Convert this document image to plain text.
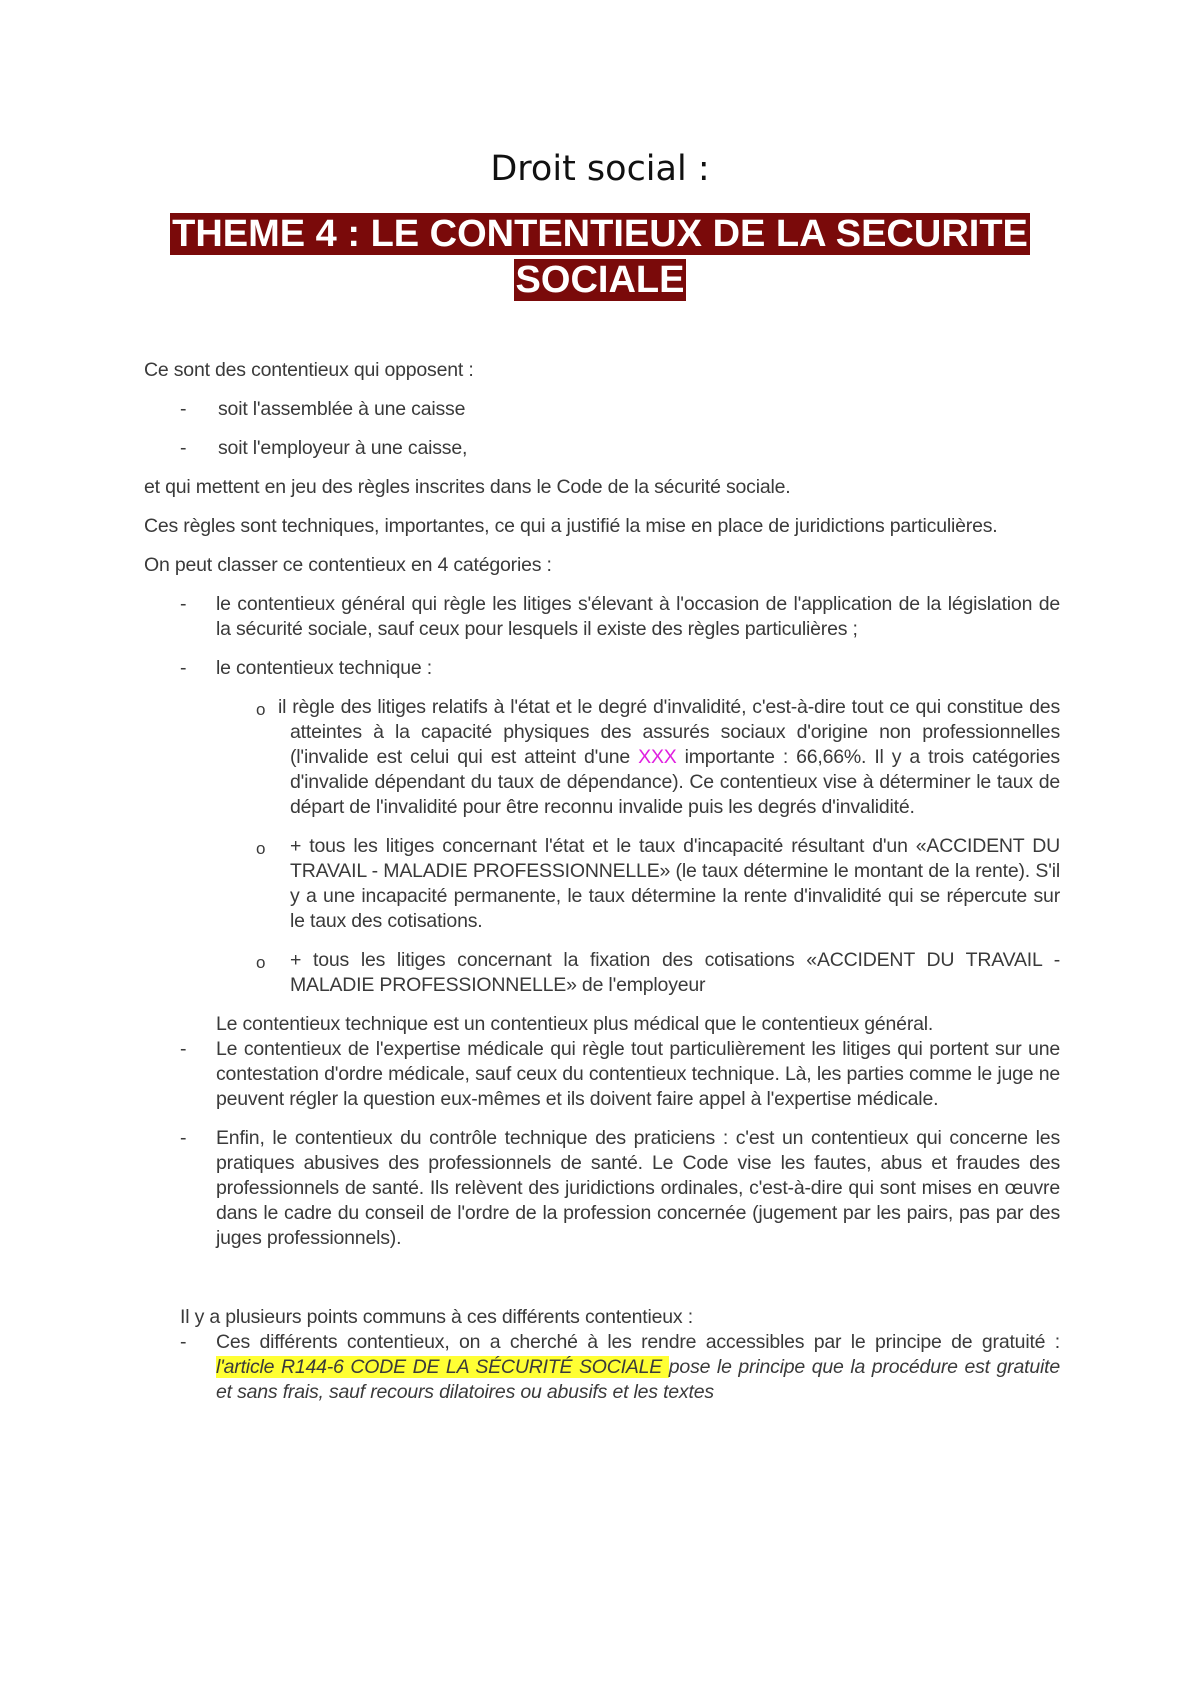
Droit social :
THEME 4 : LE CONTENTIEUX DE LA SECURITE
SOCIALE

Ce sont des contentieux qui opposent :

- soit l'assemblée à une caisse
- soit l'employeur à une caisse,

et qui mettent en jeu des règles inscrites dans le Code de la sécurité sociale.

Ces règles sont techniques, importantes, ce qui a justifié la mise en place de juridictions particulières.

On peut classer ce contentieux en 4 catégories :

- le contentieux général qui règle les litiges s'élevant à l'occasion de l'application de la législation de la sécurité sociale, sauf ceux pour lesquels il existe des règles particulières ;
- le contentieux technique :
o il règle des litiges relatifs à l'état et le degré d'invalidité, c'est-à-dire tout ce qui constitue des atteintes à la capacité physiques des assurés sociaux d'origine non professionnelles (l'invalide est celui qui est atteint d'une XXX importante : 66,66%. Il y a trois catégories d'invalide dépendant du taux de dépendance). Ce contentieux vise à déterminer le taux de départ de l'invalidité pour être reconnu invalide puis les degrés d'invalidité.
o + tous les litiges concernant l'état et le taux d'incapacité résultant d'un «ACCIDENT DU TRAVAIL - MALADIE PROFESSIONNELLE» (le taux détermine le montant de la rente). S'il y a une incapacité permanente, le taux détermine la rente d'invalidité qui se répercute sur le taux des cotisations.
o + tous les litiges concernant la fixation des cotisations «ACCIDENT DU TRAVAIL - MALADIE PROFESSIONNELLE» de l'employeur

Le contentieux technique est un contentieux plus médical que le contentieux général.

- Le contentieux de l'expertise médicale qui règle tout particulièrement les litiges qui portent sur une contestation d'ordre médicale, sauf ceux du contentieux technique. Là, les parties comme le juge ne peuvent régler la question eux-mêmes et ils doivent faire appel à l'expertise médicale.
- Enfin, le contentieux du contrôle technique des praticiens : c'est un contentieux qui concerne les pratiques abusives des professionnels de santé. Le Code vise les fautes, abus et fraudes des professionnels de santé. Ils relèvent des juridictions ordinales, c'est-à-dire qui sont mises en œuvre dans le cadre du conseil de l'ordre de la profession concernée (jugement par les pairs, pas par des juges professionnels).

Il y a plusieurs points communs à ces différents contentieux :

- Ces différents contentieux, on a cherché à les rendre accessibles par le principe de gratuité : l'article R144-6 CODE DE LA SÉCURITÉ SOCIALE pose le principe que la procédure est gratuite et sans frais, sauf recours dilatoires ou abusifs et les textes
